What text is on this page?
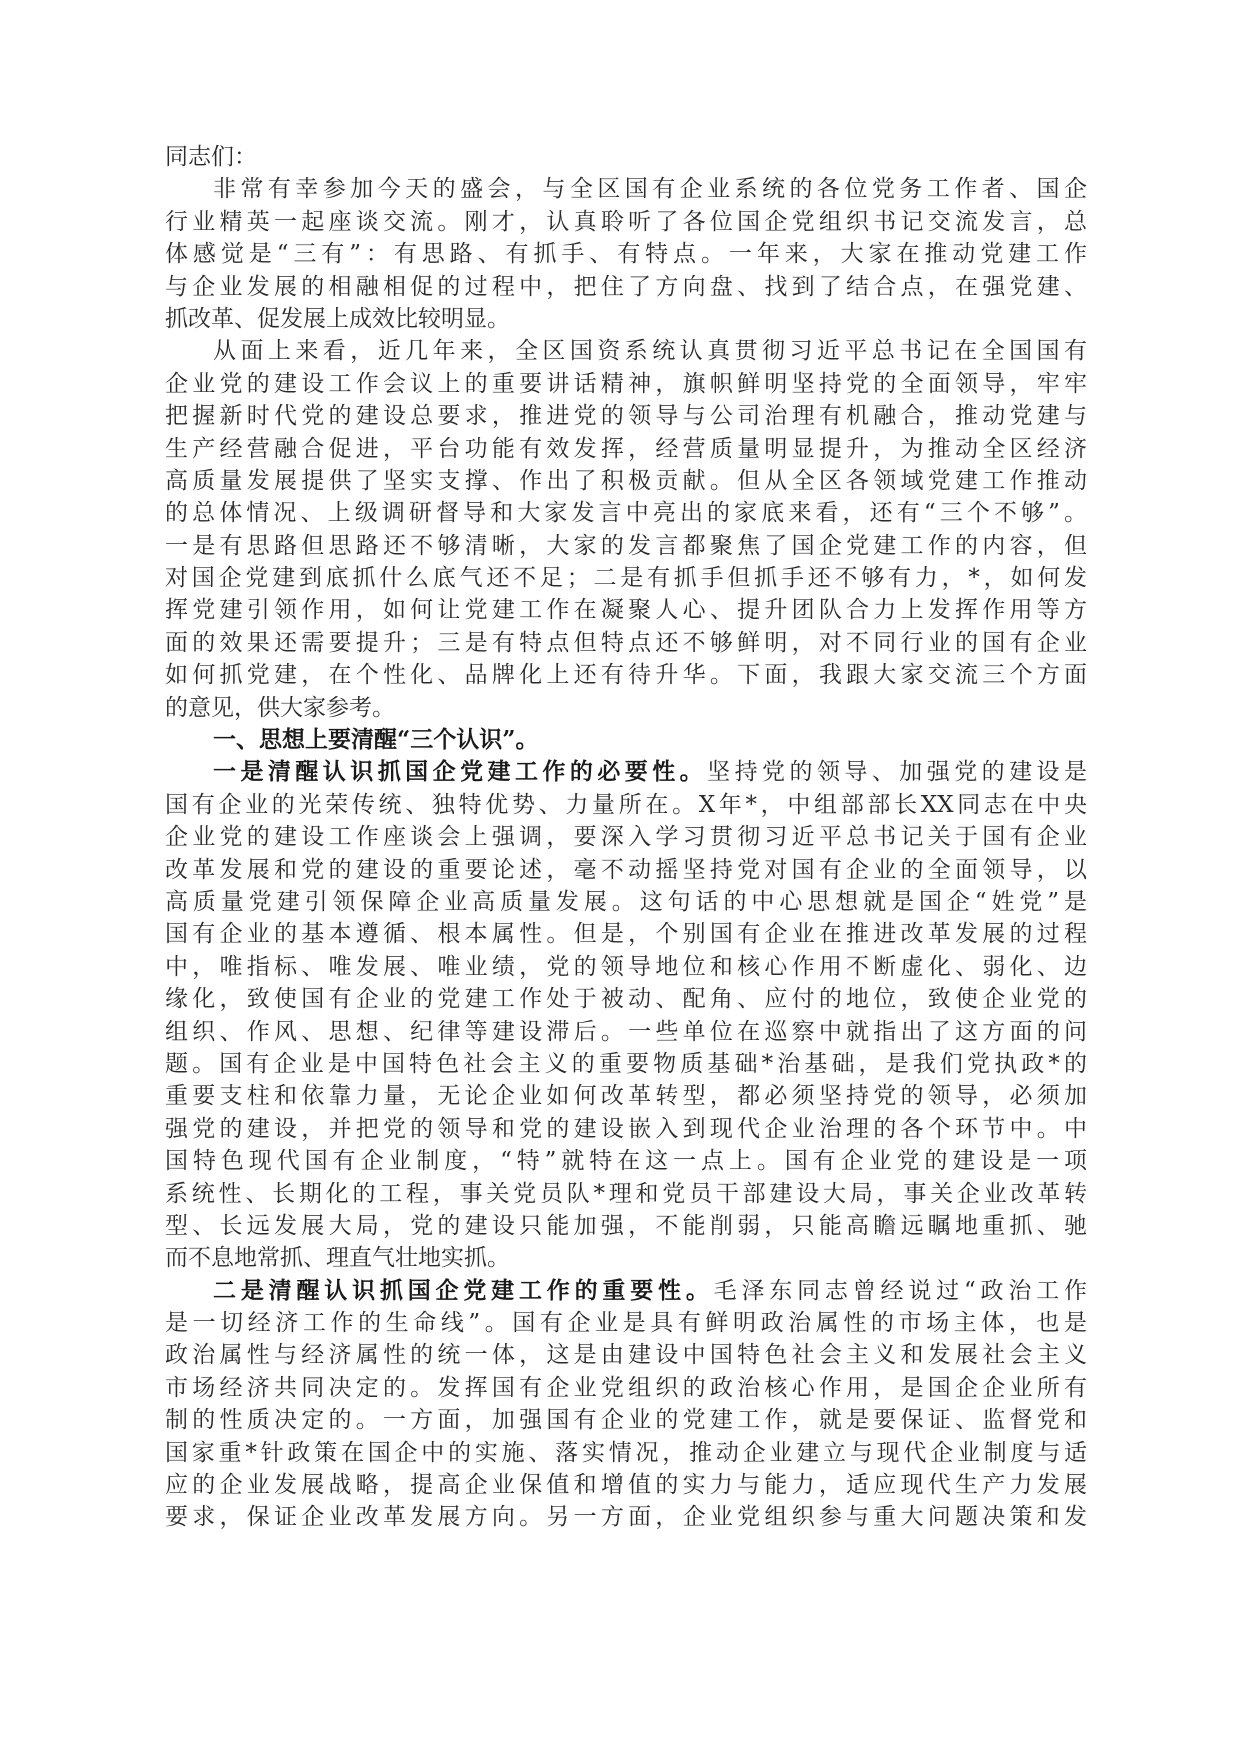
同志们：
非常有幸参加今天的盛会，与全区国有企业系统的各位党务工作者、国企
行业精英一起座谈交流。刚才，认真聆听了各位国企党组织书记交流发言，总
体感觉是“三有”：有思路、有抓手、有特点。一年来，大家在推动党建工作
与企业发展的相融相促的过程中，把住了方向盘、找到了结合点，在强党建、
抓改革、促发展上成效比较明显。
从面上来看，近几年来，全区国资系统认真贯彻习近平总书记在全国国有
企业党的建设工作会议上的重要讲话精神，旗帜鲜明坚持党的全面领导，牢牢
把握新时代党的建设总要求，推进党的领导与公司治理有机融合，推动党建与
生产经营融合促进，平台功能有效发挥，经营质量明显提升，为推动全区经济
高质量发展提供了坚实支撑、作出了积极贡献。但从全区各领域党建工作推动
的总体情况、上级调研督导和大家发言中亮出的家底来看，还有“三个不够”。
一是有思路但思路还不够清晰，大家的发言都聚焦了国企党建工作的内容，但
对国企党建到底抓什么底气还不足；二是有抓手但抓手还不够有力，*，如何发
挥党建引领作用，如何让党建工作在凝聚人心、提升团队合力上发挥作用等方
面的效果还需要提升；三是有特点但特点还不够鲜明，对不同行业的国有企业
如何抓党建，在个性化、品牌化上还有待升华。下面，我跟大家交流三个方面
的意见，供大家参考。
一、思想上要清醒“三个认识”。
一是清醒认识抓国企党建工作的必要性。坚持党的领导、加强党的建设是
国有企业的光荣传统、独特优势、力量所在。X年*，中组部部长XX同志在中央
企业党的建设工作座谈会上强调，要深入学习贯彻习近平总书记关于国有企业
改革发展和党的建设的重要论述，毫不动摇坚持党对国有企业的全面领导，以
高质量党建引领保障企业高质量发展。这句话的中心思想就是国企“姓党”是
国有企业的基本遵循、根本属性。但是，个别国有企业在推进改革发展的过程
中，唯指标、唯发展、唯业绩，党的领导地位和核心作用不断虚化、弱化、边
缘化，致使国有企业的党建工作处于被动、配角、应付的地位，致使企业党的
组织、作风、思想、纪律等建设滞后。一些单位在巡察中就指出了这方面的问
题。国有企业是中国特色社会主义的重要物质基础*治基础，是我们党执政*的
重要支柱和依靠力量，无论企业如何改革转型，都必须坚持党的领导，必须加
强党的建设，并把党的领导和党的建设嵌入到现代企业治理的各个环节中。中
国特色现代国有企业制度，“特”就特在这一点上。国有企业党的建设是一项
系统性、长期化的工程，事关党员队*理和党员干部建设大局，事关企业改革转
型、长远发展大局，党的建设只能加强，不能削弱，只能高瞻远瞩地重抓、驰
而不息地常抓、理直气壮地实抓。
二是清醒认识抓国企党建工作的重要性。毛泽东同志曾经说过“政治工作
是一切经济工作的生命线”。国有企业是具有鲜明政治属性的市场主体，也是
政治属性与经济属性的统一体，这是由建设中国特色社会主义和发展社会主义
市场经济共同决定的。发挥国有企业党组织的政治核心作用，是国企企业所有
制的性质决定的。一方面，加强国有企业的党建工作，就是要保证、监督党和
国家重*针政策在国企中的实施、落实情况，推动企业建立与现代企业制度与适
应的企业发展战略，提高企业保值和增值的实力与能力，适应现代生产力发展
要求，保证企业改革发展方向。另一方面，企业党组织参与重大问题决策和发
